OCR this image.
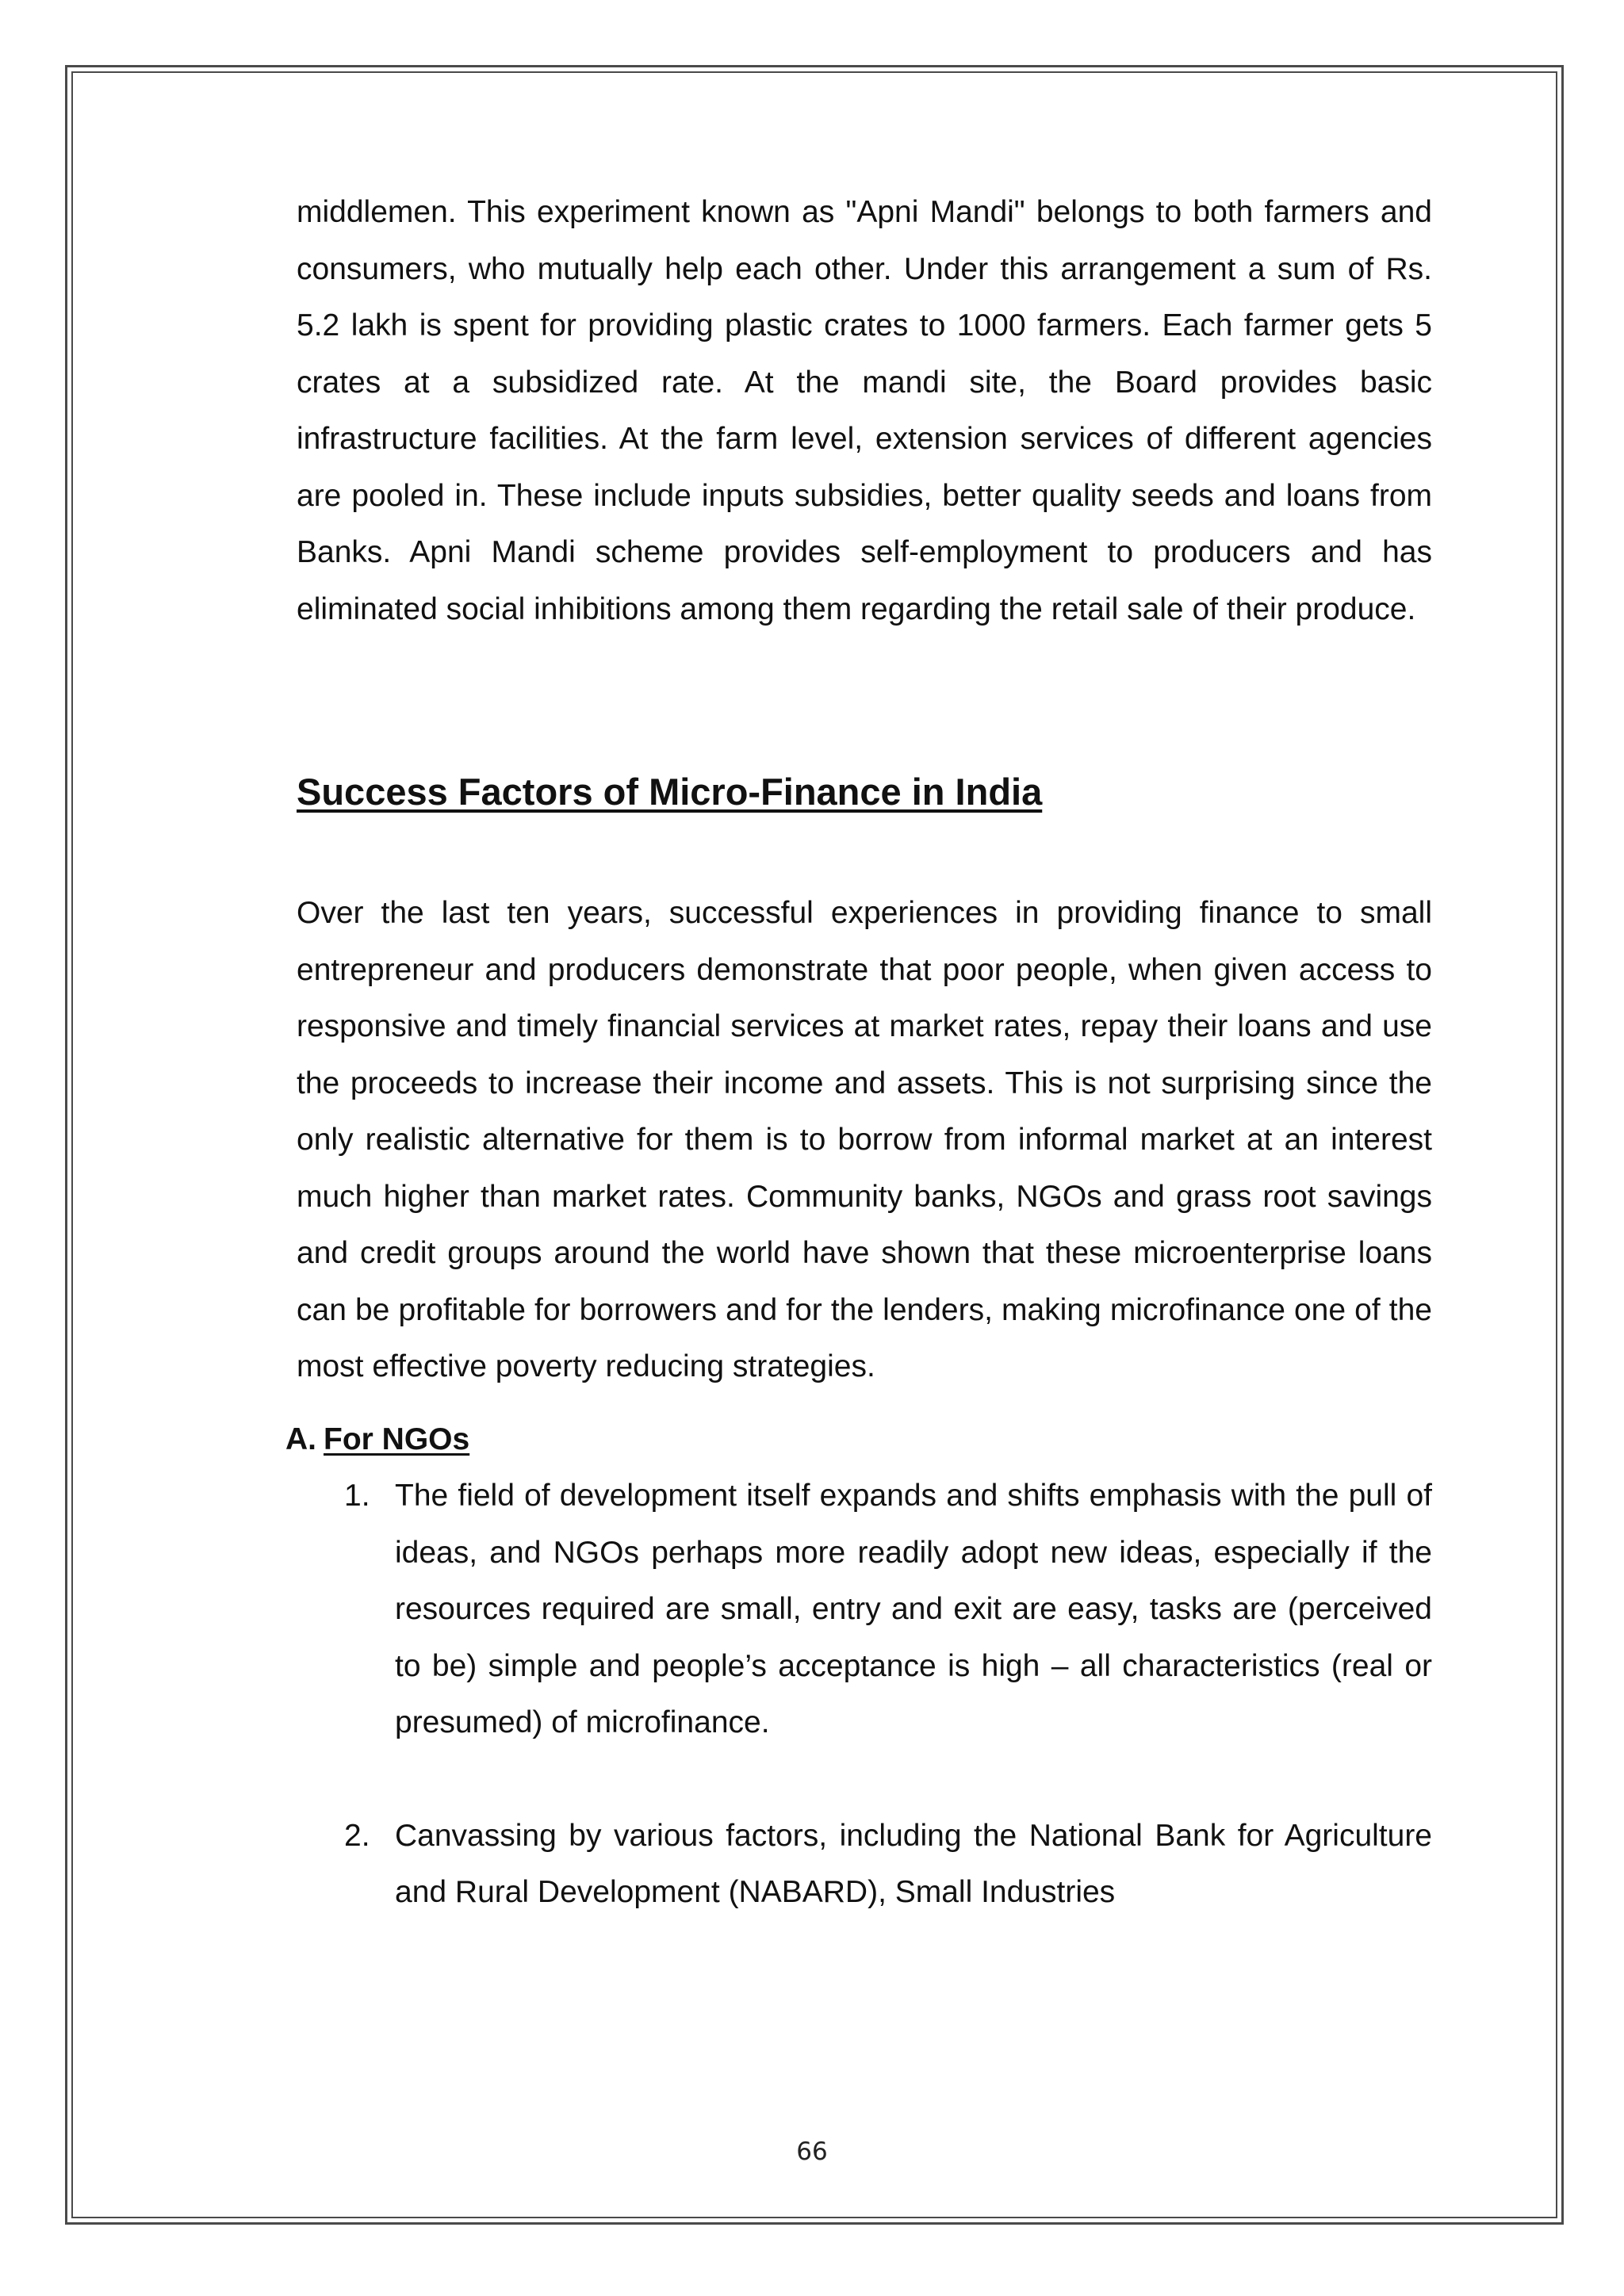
middlemen. This experiment known as "Apni Mandi" belongs to both farmers and consumers, who mutually help each other. Under this arrangement a sum of Rs. 5.2 lakh is spent for providing plastic crates to 1000 farmers. Each farmer gets 5 crates at a subsidized rate. At the mandi site, the Board provides basic infrastructure facilities. At the farm level, extension services of different agencies are pooled in. These include inputs subsidies, better quality seeds and loans from Banks. Apni Mandi scheme provides self-employment to producers and has eliminated social inhibitions among them regarding the retail sale of their produce.

Success Factors of Micro-Finance in India

Over the last ten years, successful experiences in providing finance to small entrepreneur and producers demonstrate that poor people, when given access to responsive and timely financial services at market rates, repay their loans and use the proceeds to increase their income and assets. This is not surprising since the only realistic alternative for them is to borrow from informal market at an interest much higher than market rates. Community banks, NGOs and grass root savings and credit groups around the world have shown that these microenterprise loans can be profitable for borrowers and for the lenders, making microfinance one of the most effective poverty reducing strategies.

A. For NGOs
1. The field of development itself expands and shifts emphasis with the pull of ideas, and NGOs perhaps more readily adopt new ideas, especially if the resources required are small, entry and exit are easy, tasks are (perceived to be) simple and people’s acceptance is high – all characteristics (real or presumed) of microfinance.

2. Canvassing by various factors, including the National Bank for Agriculture and Rural Development (NABARD), Small Industries

66
